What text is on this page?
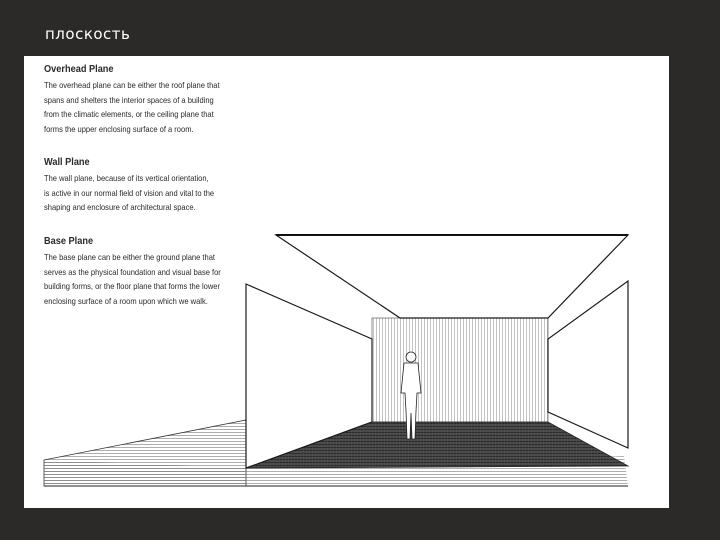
плоскость
Overhead Plane

The overhead plane can be either the roof plane that
spans and shelters the interior spaces of a building
from the climatic elements, or the ceiling plane that
forms the upper enclosing surface of a room.

Wall Plane

The wall plane, because of its vertical orientation,
is active in our normal field of vision and vital to the
shaping and enclosure of architectural space.

Base Plane

The base plane can be either the ground plane that
serves as the physical foundation and visual base for
building forms, or the floor plane that forms the lower
enclosing surface of a room upon which we walk.
